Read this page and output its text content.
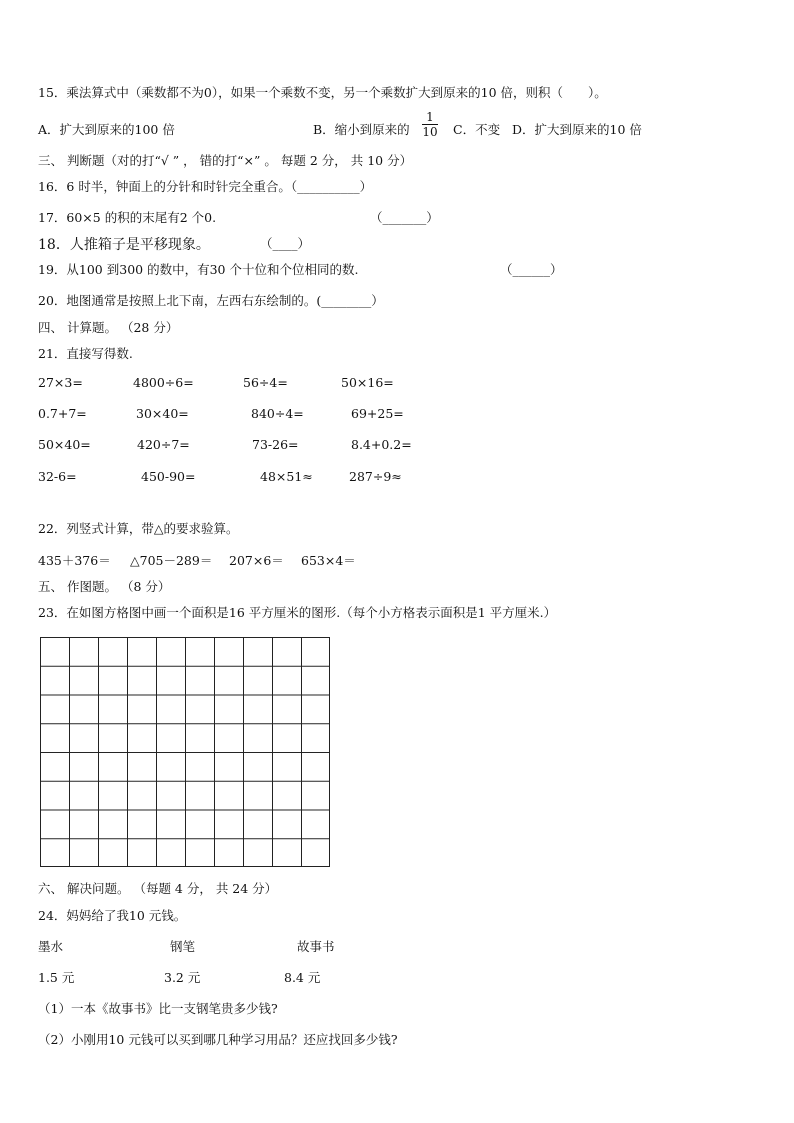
15．乘法算式中（乘数都不为0），如果一个乘数不变，另一个乘数扩大到原来的10 倍，则积（　　）。
A．扩大到原来的100 倍	B．缩小到原来的 $\frac{1}{10}$ C．不变 D．扩大到原来的10 倍
三、 判断题（对的打“√ ” ， 错的打“×” 。 每题 2 分， 共 10 分）
16．6 时半，钟面上的分针和时针完全重合。（__________）
17．60×5 的积的末尾有2 个0.	（_______）
18．人推箱子是平移现象。	（____）
19．从100 到300 的数中，有30 个十位和个位相同的数.	（______）
20．地图通常是按照上北下南，左西右东绘制的。(________）
四、 计算题。 （28 分）
21．直接写得数.
27×3=	4800÷6=	56÷4=	50×16=
0.7+7=	30×40=	840÷4=	69+25=
50×40=	420÷7=	73-26=	8.4+0.2=
32-6=	450-90=	48×51≈	287÷9≈
22．列竖式计算，带△的要求验算。
435＋376＝ △705－289＝ 207×6＝ 653×4＝
五、 作图题。 （8 分）
23．在如图方格图中画一个面积是16 平方厘米的图形.（每个小方格表示面积是1 平方厘米.）
六、 解决问题。 （每题 4 分， 共 24 分）
24．妈妈给了我10 元钱。
墨水	钢笔	故事书
1.5 元	3.2 元	8.4 元
（1）一本《故事书》比一支钢笔贵多少钱?
（2）小刚用10 元钱可以买到哪几种学习用品？还应找回多少钱?
